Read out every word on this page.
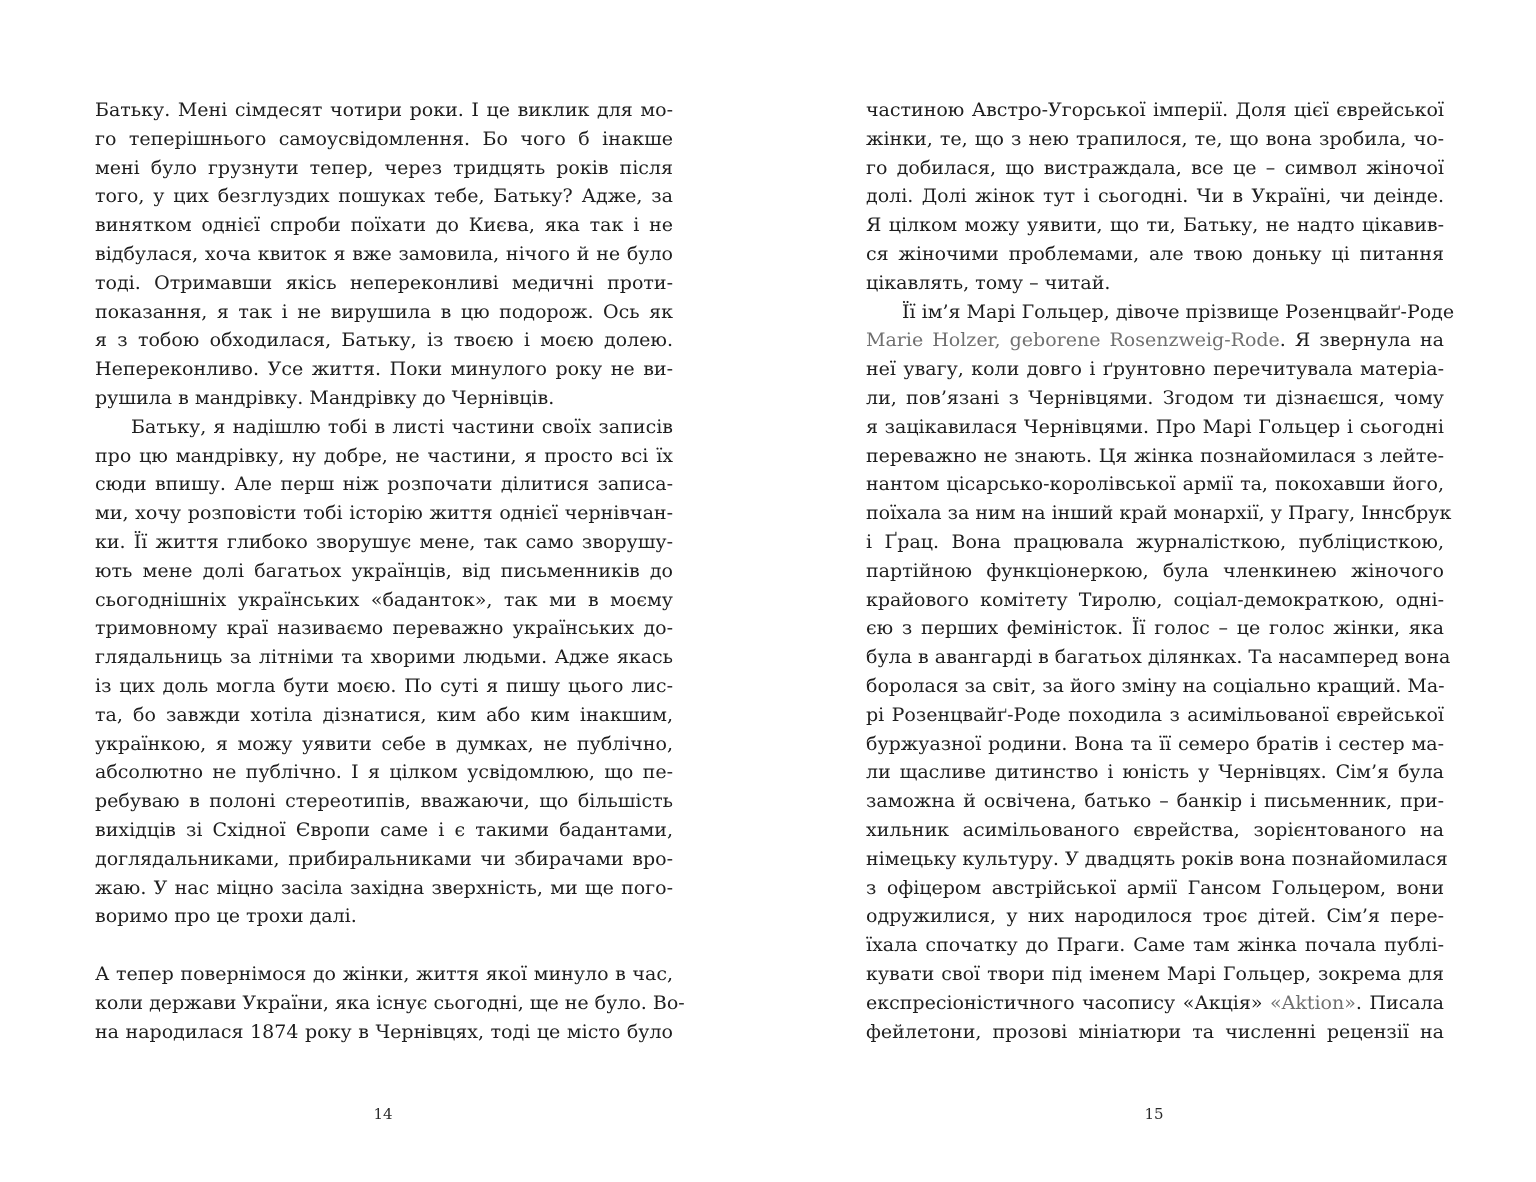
Батьку. Мені сімдесят чотири роки. І це виклик для мо-
го теперішнього самоусвідомлення. Бо чого б інакше
мені було грузнути тепер, через тридцять років після
того, у цих безглуздих пошуках тебе, Батьку? Адже, за
винятком однієї спроби поїхати до Києва, яка так і не
відбулася, хоча квиток я вже замовила, нічого й не було
тоді. Отримавши якісь непереконливі медичні проти-
показання, я так і не вирушила в цю подорож. Ось як
я з тобою обходилася, Батьку, із твоєю і моєю долею.
Непереконливо. Усе життя. Поки минулого року не ви-
рушила в мандрівку. Мандрівку до Чернівців.
Батьку, я надішлю тобі в листі частини своїх записів
про цю мандрівку, ну добре, не частини, я просто всі їх
сюди впишу. Але перш ніж розпочати ділитися записа-
ми, хочу розповісти тобі історію життя однієї чернівчан-
ки. Її життя глибоко зворушує мене, так само зворушу-
ють мене долі багатьох українців, від письменників до
сьогоднішніх українських «баданток», так ми в моєму
тримовному краї називаємо переважно українських до-
глядальниць за літніми та хворими людьми. Адже якась
із цих доль могла бути моєю. По суті я пишу цього лис-
та, бо завжди хотіла дізнатися, ким або ким інакшим,
українкою, я можу уявити себе в думках, не публічно,
абсолютно не публічно. І я цілком усвідомлюю, що пе-
ребуваю в полоні стереотипів, вважаючи, що більшість
вихідців зі Східної Європи саме і є такими бадантами,
доглядальниками, прибиральниками чи збирачами вро-
жаю. У нас міцно засіла західна зверхність, ми ще пого-
воримо про це трохи далі.
А тепер повернімося до жінки, життя якої минуло в час,
коли держави України, яка існує сьогодні, ще не було. Во-
на народилася 1874 року в Чернівцях, тоді це місто було
частиною Австро-Угорської імперії. Доля цієї єврейської
жінки, те, що з нею трапилося, те, що вона зробила, чо-
го добилася, що вистраждала, все це – символ жіночої
долі. Долі жінок тут і сьогодні. Чи в Україні, чи деінде.
Я цілком можу уявити, що ти, Батьку, не надто цікавив-
ся жіночими проблемами, але твою доньку ці питання
цікавлять, тому – читай.
Її ім’я Марі Гольцер, дівоче прізвище Розенцвайґ-Роде
Marie Holzer, geborene Rosenzweig-Rode. Я звернула на
неї увагу, коли довго і ґрунтовно перечитувала матеріа-
ли, пов’язані з Чернівцями. Згодом ти дізнаєшся, чому
я зацікавилася Чернівцями. Про Марі Гольцер і сьогодні
переважно не знають. Ця жінка познайомилася з лейте-
нантом цісарсько-королівської армії та, покохавши його,
поїхала за ним на інший край монархії, у Прагу, Іннсбрук
і Ґрац. Вона працювала журналісткою, публіцисткою,
партійною функціонеркою, була членкинею жіночого
крайового комітету Тиролю, соціал-демократкою, одні-
єю з перших феміністок. Її голос – це голос жінки, яка
була в авангарді в багатьох ділянках. Та насамперед вона
боролася за світ, за його зміну на соціально кращий. Ма-
рі Розенцвайґ-Роде походила з асимільованої єврейської
буржуазної родини. Вона та її семеро братів і сестер ма-
ли щасливе дитинство і юність у Чернівцях. Сім’я була
заможна й освічена, батько – банкір і письменник, при-
хильник асимільованого єврейства, зорієнтованого на
німецьку культуру. У двадцять років вона познайомилася
з офіцером австрійської армії Гансом Гольцером, вони
одружилися, у них народилося троє дітей. Сім’я пере-
їхала спочатку до Праги. Саме там жінка почала публі-
кувати свої твори під іменем Марі Гольцер, зокрема для
експресіоністичного часопису «Акція» «Aktion». Писала
фейлетони, прозові мініатюри та численні рецензії на
14	15
